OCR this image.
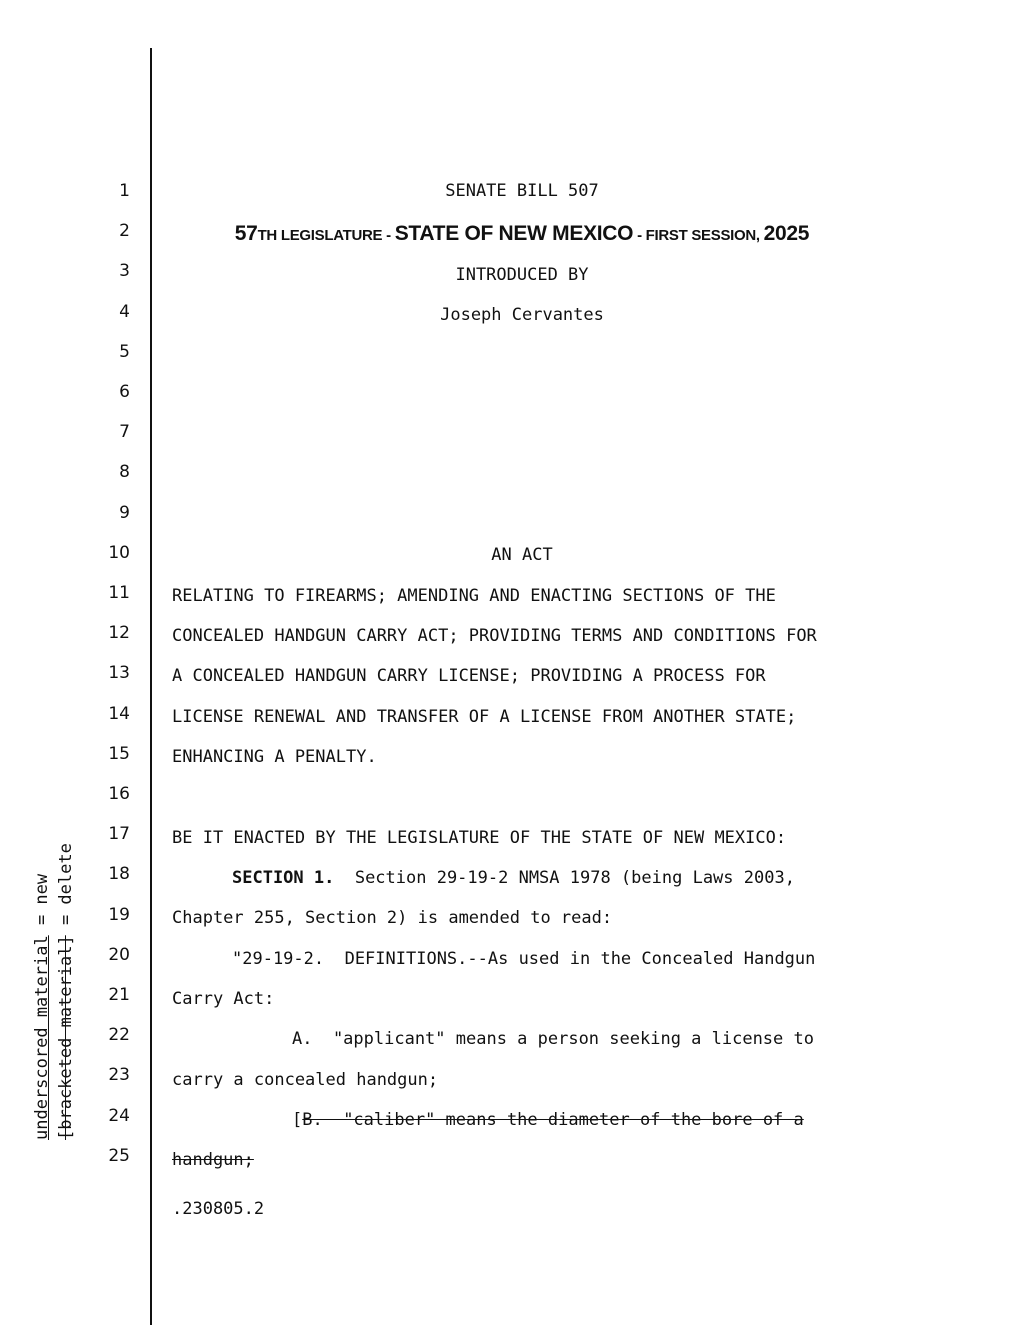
1
2
3
4
5
6
7
8
9
10
11
12
13
14
15
16
17
18
19
20
21
22
23
24
25
SENATE BILL 507
57TH LEGISLATURE - STATE OF NEW MEXICO - FIRST SESSION, 2025
INTRODUCED BY
Joseph Cervantes
AN ACT
RELATING TO FIREARMS; AMENDING AND ENACTING SECTIONS OF THE
CONCEALED HANDGUN CARRY ACT; PROVIDING TERMS AND CONDITIONS FOR
A CONCEALED HANDGUN CARRY LICENSE; PROVIDING A PROCESS FOR
LICENSE RENEWAL AND TRANSFER OF A LICENSE FROM ANOTHER STATE;
ENHANCING A PENALTY.
BE IT ENACTED BY THE LEGISLATURE OF THE STATE OF NEW MEXICO:
SECTION 1.  Section 29-19-2 NMSA 1978 (being Laws 2003,
Chapter 255, Section 2) is amended to read:
"29-19-2.  DEFINITIONS.--As used in the Concealed Handgun
Carry Act:
A.  "applicant" means a person seeking a license to
carry a concealed handgun;
[B.  "caliber" means the diameter of the bore of a
handgun;
.230805.2
underscored material = new
[bracketed material] = delete
